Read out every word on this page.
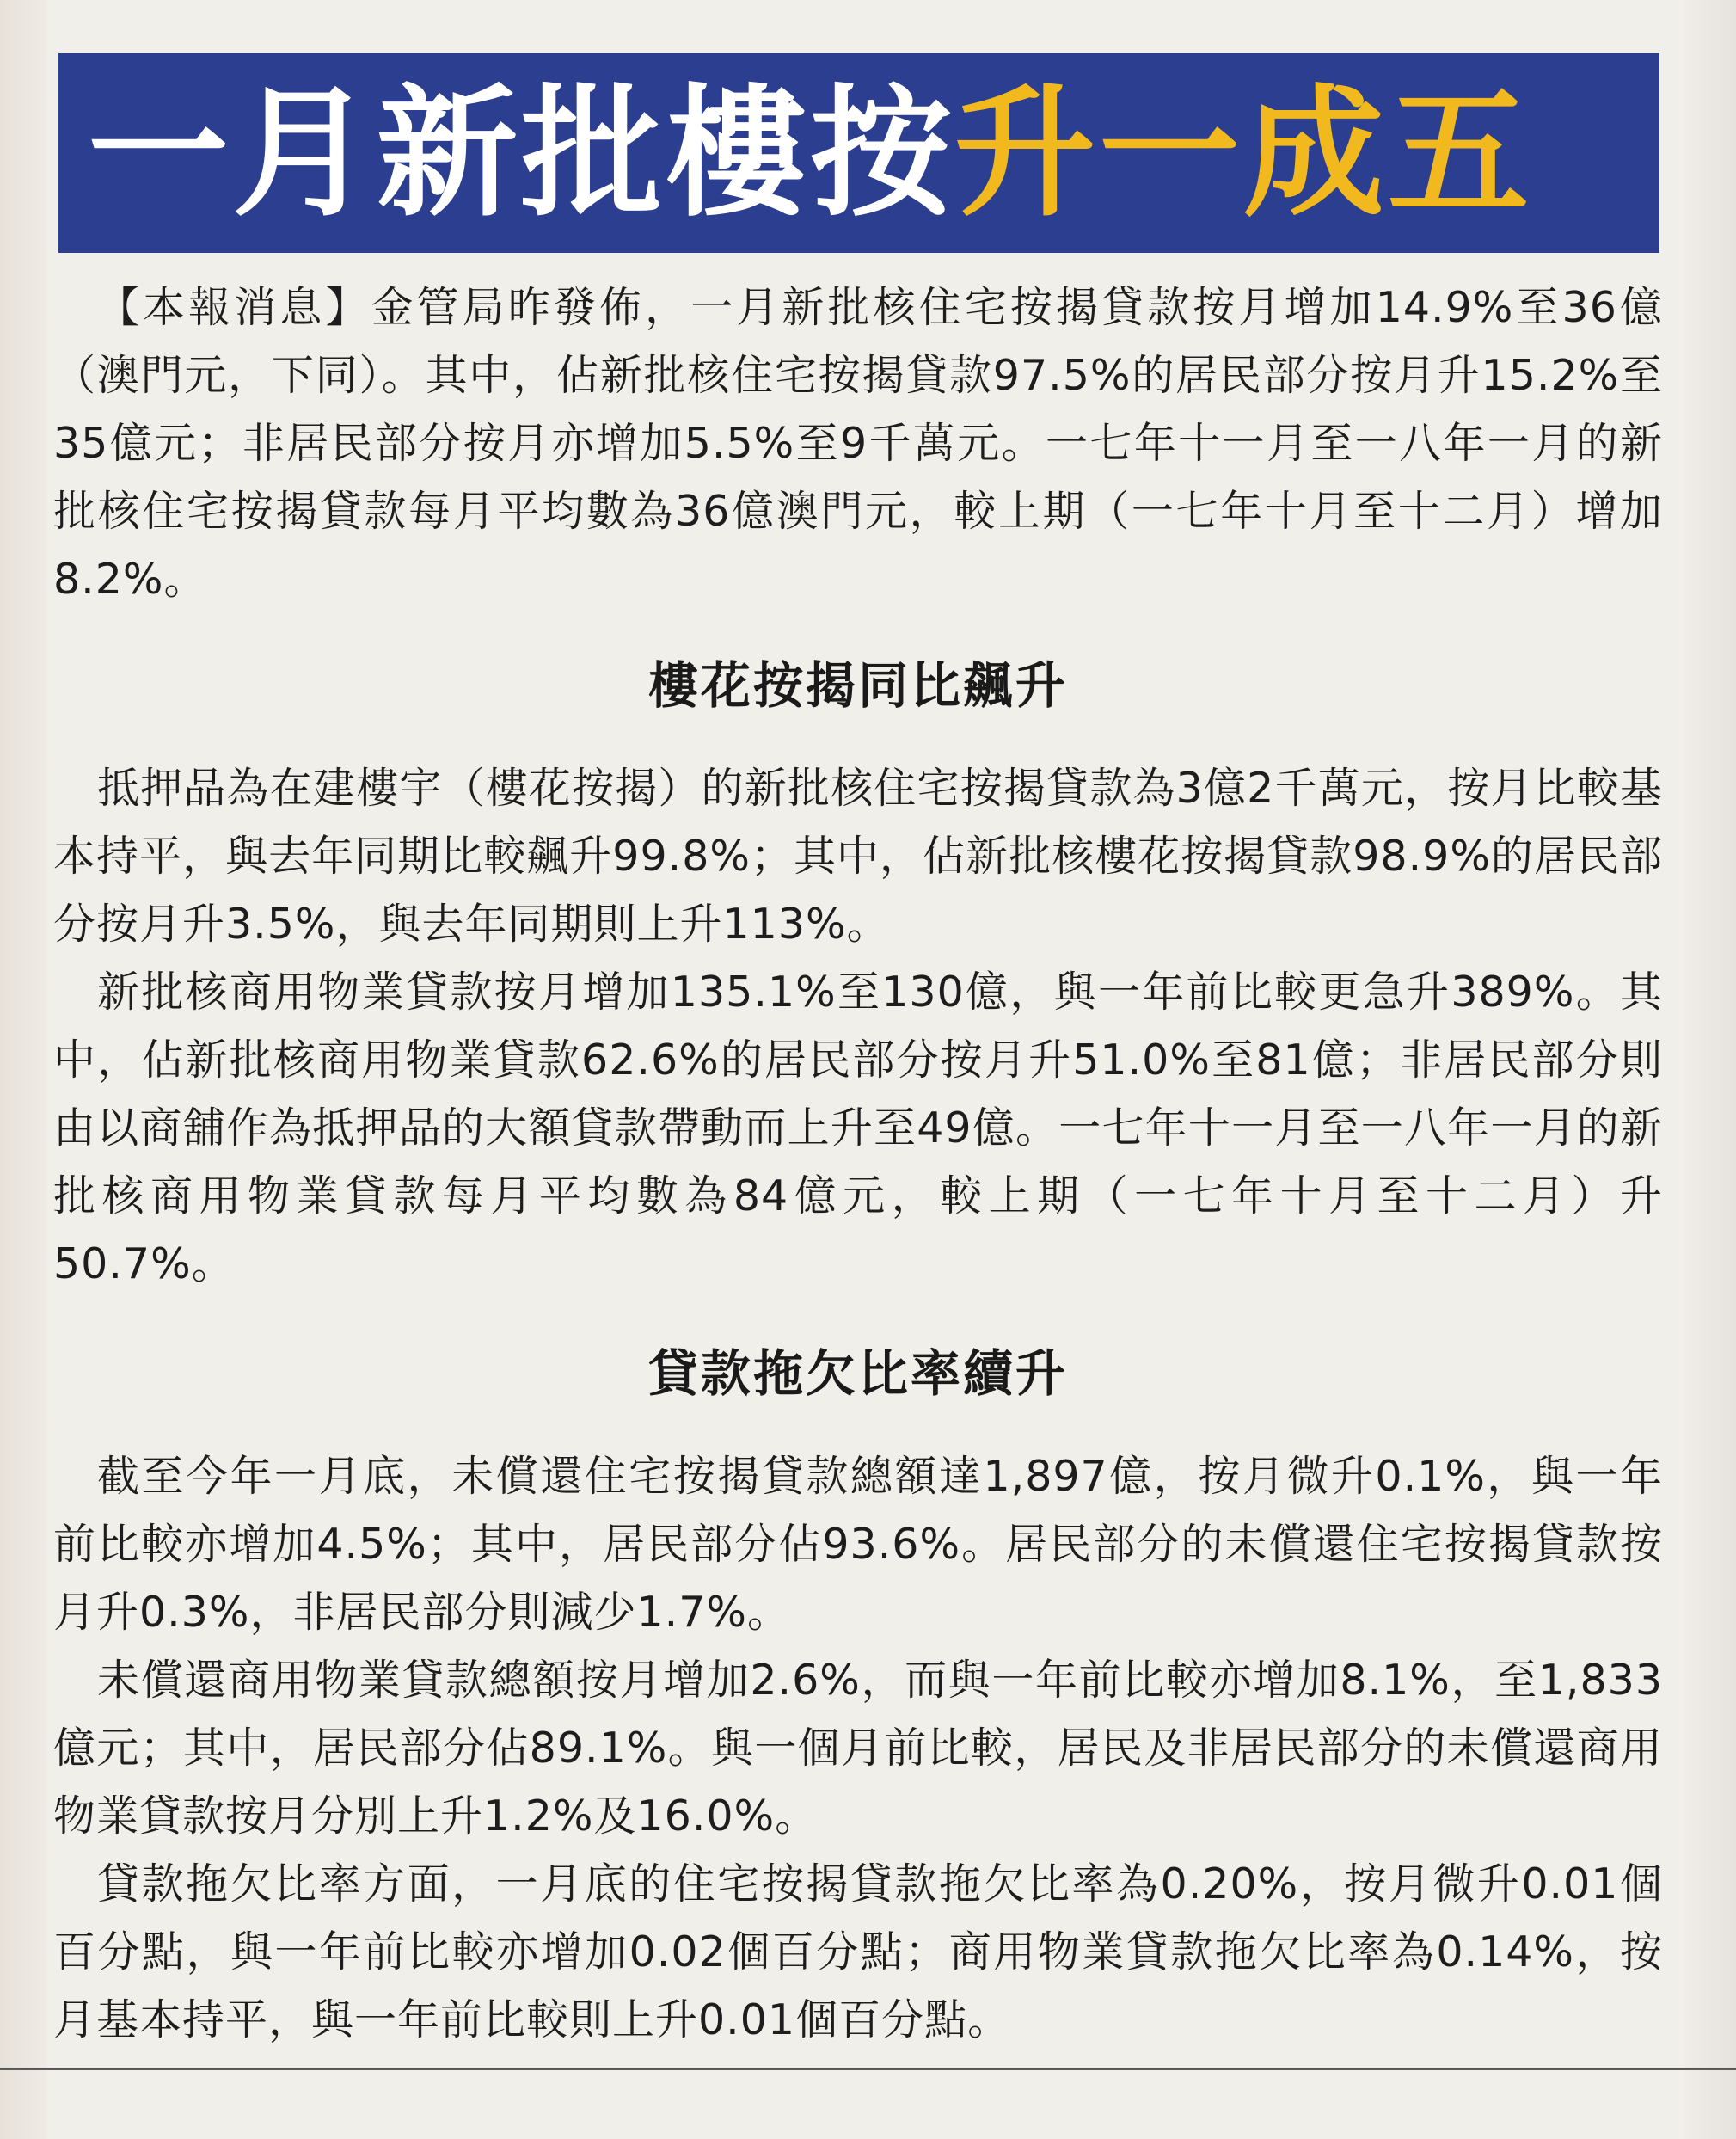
一月新批樓按升一成五

【本報消息】金管局昨發佈，一月新批核住宅按揭貸款按月增加14.9%至36億（澳門元，下同）。其中，佔新批核住宅按揭貸款97.5%的居民部分按月升15.2%至35億元；非居民部分按月亦增加5.5%至9千萬元。一七年十一月至一八年一月的新批核住宅按揭貸款每月平均數為36億澳門元，較上期（一七年十月至十二月）增加8.2%。

樓花按揭同比飆升

抵押品為在建樓宇（樓花按揭）的新批核住宅按揭貸款為3億2千萬元，按月比較基本持平，與去年同期比較飆升99.8%；其中，佔新批核樓花按揭貸款98.9%的居民部分按月升3.5%，與去年同期則上升113%。

新批核商用物業貸款按月增加135.1%至130億，與一年前比較更急升389%。其中，佔新批核商用物業貸款62.6%的居民部分按月升51.0%至81億；非居民部分則由以商舖作為抵押品的大額貸款帶動而上升至49億。一七年十一月至一八年一月的新批核商用物業貸款每月平均數為84億元，較上期（一七年十月至十二月）升50.7%。

貸款拖欠比率續升

截至今年一月底，未償還住宅按揭貸款總額達1,897億，按月微升0.1%，與一年前比較亦增加4.5%；其中，居民部分佔93.6%。居民部分的未償還住宅按揭貸款按月升0.3%，非居民部分則減少1.7%。

未償還商用物業貸款總額按月增加2.6%，而與一年前比較亦增加8.1%，至1,833億元；其中，居民部分佔89.1%。與一個月前比較，居民及非居民部分的未償還商用物業貸款按月分別上升1.2%及16.0%。

貸款拖欠比率方面，一月底的住宅按揭貸款拖欠比率為0.20%，按月微升0.01個百分點，與一年前比較亦增加0.02個百分點；商用物業貸款拖欠比率為0.14%，按月基本持平，與一年前比較則上升0.01個百分點。
